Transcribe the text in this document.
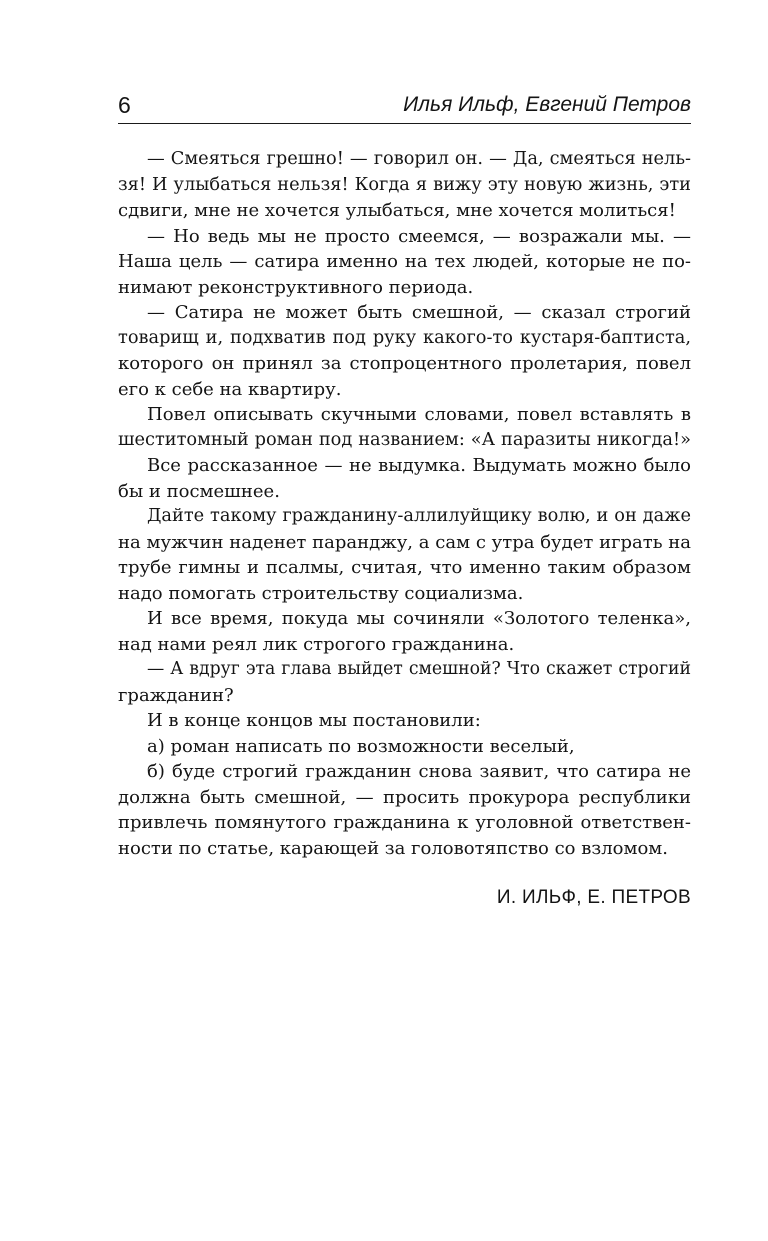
6	Илья Ильф, Евгений Петров
— Смеяться грешно! — говорил он. — Да, смеяться нель-
зя! И улыбаться нельзя! Когда я вижу эту новую жизнь, эти
сдвиги, мне не хочется улыбаться, мне хочется молиться!
— Но ведь мы не просто смеемся, — возражали мы. —
Наша цель — сатира именно на тех людей, которые не по-
нимают реконструктивного периода.
— Сатира не может быть смешной, — сказал строгий
товарищ и, подхватив под руку какого-то кустаря-баптиста,
которого он принял за стопроцентного пролетария, повел
его к себе на квартиру.
Повел описывать скучными словами, повел вставлять в
шеститомный роман под названием: «А паразиты никогда!»
Все рассказанное — не выдумка. Выдумать можно было
бы и посмешнее.
Дайте такому гражданину-аллилуйщику волю, и он даже
на мужчин наденет паранджу, а сам с утра будет играть на
трубе гимны и псалмы, считая, что именно таким образом
надо помогать строительству социализма.
И все время, покуда мы сочиняли «Золотого теленка»,
над нами реял лик строгого гражданина.
— А вдруг эта глава выйдет смешной? Что скажет строгий
гражданин?
И в конце концов мы постановили:
а) роман написать по возможности веселый,
б) буде строгий гражданин снова заявит, что сатира не
должна быть смешной, — просить прокурора республики
привлечь помянутого гражданина к уголовной ответствен-
ности по статье, карающей за головотяпство со взломом.
И. ИЛЬФ, Е. ПЕТРОВ
